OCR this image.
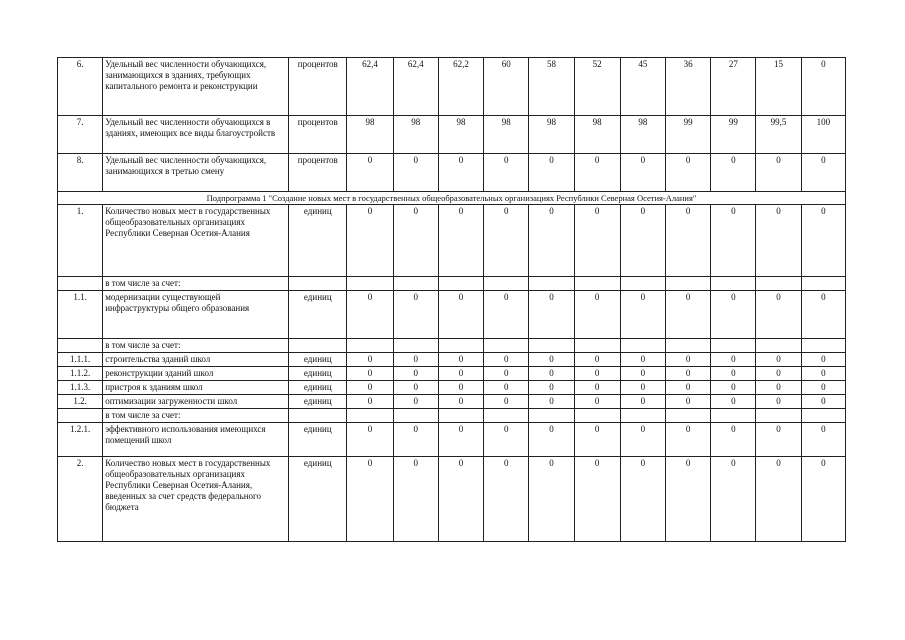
6.	Удельный вес численности обучающихся, занимающихся в зданиях, требующих капитального ремонта и реконструкции	процентов	62,4	62,4	62,2	60	58	52	45	36	27	15	0
7.	Удельный вес численности обучающихся в зданиях, имеющих все виды благоустройств	процентов	98	98	98	98	98	98	98	99	99	99,5	100
8.	Удельный вес численности обучающихся, занимающихся в третью смену	процентов	0	0	0	0	0	0	0	0	0	0	0
Подпрограмма 1 "Создание новых мест в государственных общеобразовательных организациях Республики Северная Осетия-Алания"													
1.	Количество новых мест в государственных общеобразовательных организациях Республики Северная Осетия-Алания	единиц	0	0	0	0	0	0	0	0	0	0	0
	в том числе за счет:												
1.1.	модернизации существующей инфраструктуры общего образования	единиц	0	0	0	0	0	0	0	0	0	0	0
	в том числе за счет:												
1.1.1.	строительства зданий школ	единиц	0	0	0	0	0	0	0	0	0	0	0
1.1.2.	реконструкции зданий школ	единиц	0	0	0	0	0	0	0	0	0	0	0
1.1.3.	пристроя к зданиям школ	единиц	0	0	0	0	0	0	0	0	0	0	0
1.2.	оптимизации загруженности школ	единиц	0	0	0	0	0	0	0	0	0	0	0
	в том числе за счет:												
1.2.1.	эффективного использования имеющихся помещений школ	единиц	0	0	0	0	0	0	0	0	0	0	0
2.	Количество новых мест в государственных общеобразовательных организациях Республики Северная Осетия-Алания, введенных за счет средств федерального бюджета	единиц	0	0	0	0	0	0	0	0	0	0	0
